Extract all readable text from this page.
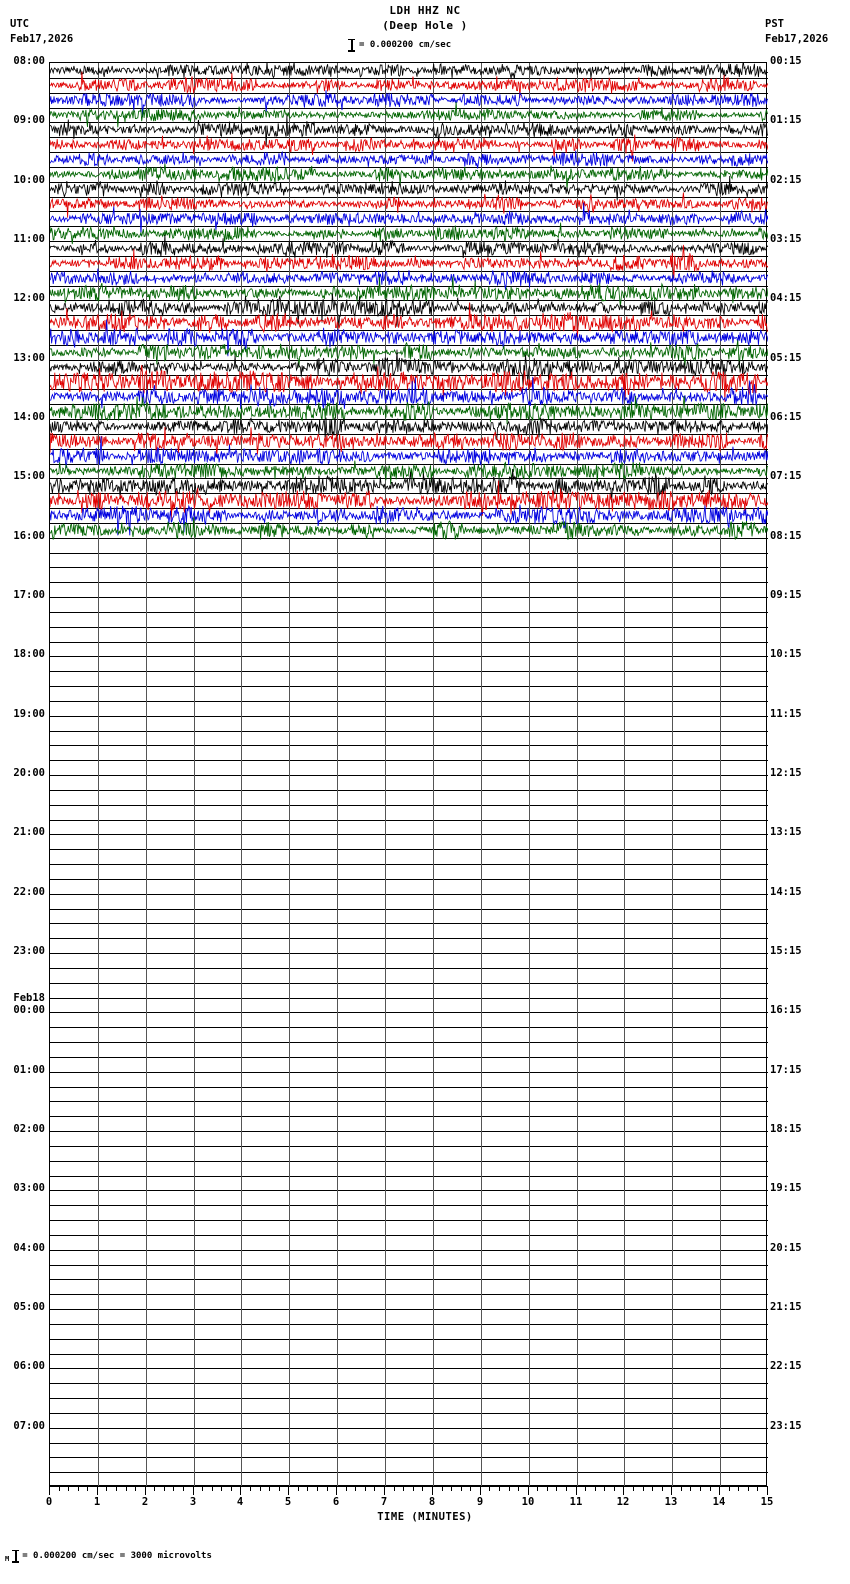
LDH HHZ NC
(Deep Hole )
UTC
Feb17,2026
PST
Feb17,2026
= 0.000200 cm/sec
08:00
09:00
10:00
11:00
12:00
13:00
14:00
15:00
16:00
17:00
18:00
19:00
20:00
21:00
22:00
23:00
00:00
Feb18
01:00
02:00
03:00
04:00
05:00
06:00
07:00
00:15
01:15
02:15
03:15
04:15
05:15
06:15
07:15
08:15
09:15
10:15
11:15
12:15
13:15
14:15
15:15
16:15
17:15
18:15
19:15
20:15
21:15
22:15
23:15
0	1	2	3	4	5	6	7	8	9	10	11	12	13	14	15
TIME (MINUTES)
M = 0.000200 cm/sec = 3000 microvolts
